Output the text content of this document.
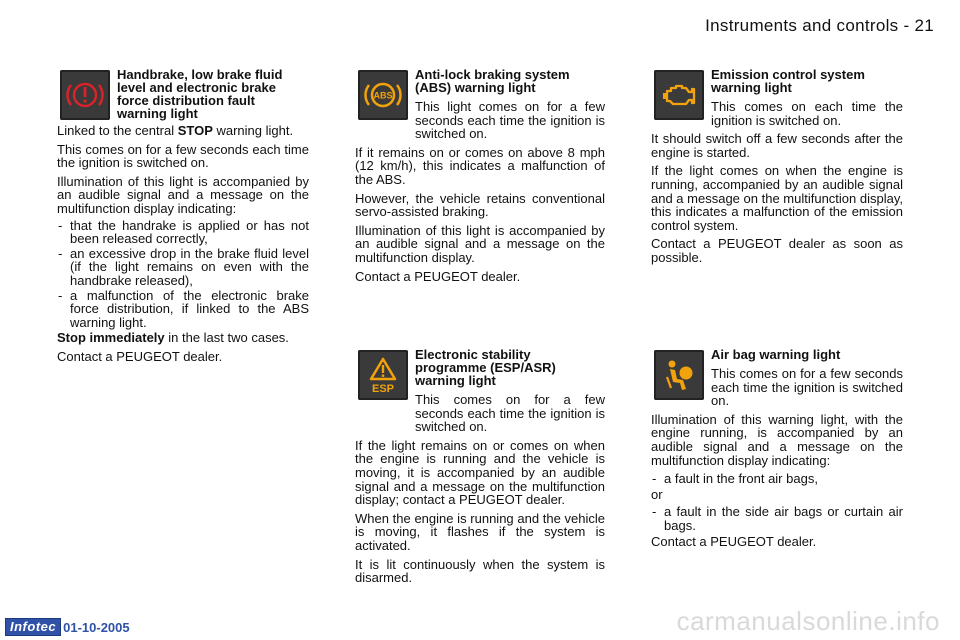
Instruments and controls - 21
Handbrake, low brake fluid level and electronic brake force distribution fault warning light

Linked to the central STOP warning light.

This comes on for a few seconds each time the ignition is switched on.

Illumination of this light is accompanied by an audible signal and a message on the multifunction display indicating:

- that the handrake is applied or has not been released correctly,
- an excessive drop in the brake fluid level (if the light remains on even with the handbrake released),
- a malfunction of the electronic brake force distribution, if linked to the ABS warning light.

Stop immediately in the last two cases.

Contact a PEUGEOT dealer.

ABS
Anti-lock braking system (ABS) warning light

This light comes on for a few seconds each time the ignition is switched on.

If it remains on or comes on above 8 mph (12 km/h), this indicates a malfunction of the ABS.

However, the vehicle retains conventional servo-assisted braking.

Illumination of this light is accompanied by an audible signal and a message on the multifunction display.

Contact a PEUGEOT dealer.

ESP
Electronic stability programme (ESP/ASR) warning light

This comes on for a few seconds each time the ignition is switched on.

If the light remains on or comes on when the engine is running and the vehicle is moving, it is accompanied by an audible signal and a message on the multifunction display; contact a PEUGEOT dealer.

When the engine is running and the vehicle is moving, it flashes if the system is activated.

It is lit continuously when the system is disarmed.

Emission control system warning light

This comes on each time the ignition is switched on.

It should switch off a few seconds after the engine is started.

If the light comes on when the engine is running, accompanied by an audible signal and a message on the multifunction display, this indicates a malfunction of the emission control system.

Contact a PEUGEOT dealer as soon as possible.

Air bag warning light

This comes on for a few seconds each time the ignition is switched on.

Illumination of this warning light, with the engine running, is accompanied by an audible signal and a message on the multifunction display indicating:

- a fault in the front air bags,

or

- a fault in the side air bags or curtain air bags.

Contact a PEUGEOT dealer.

Infotec 01-10-2005	carmanualsonline.info
